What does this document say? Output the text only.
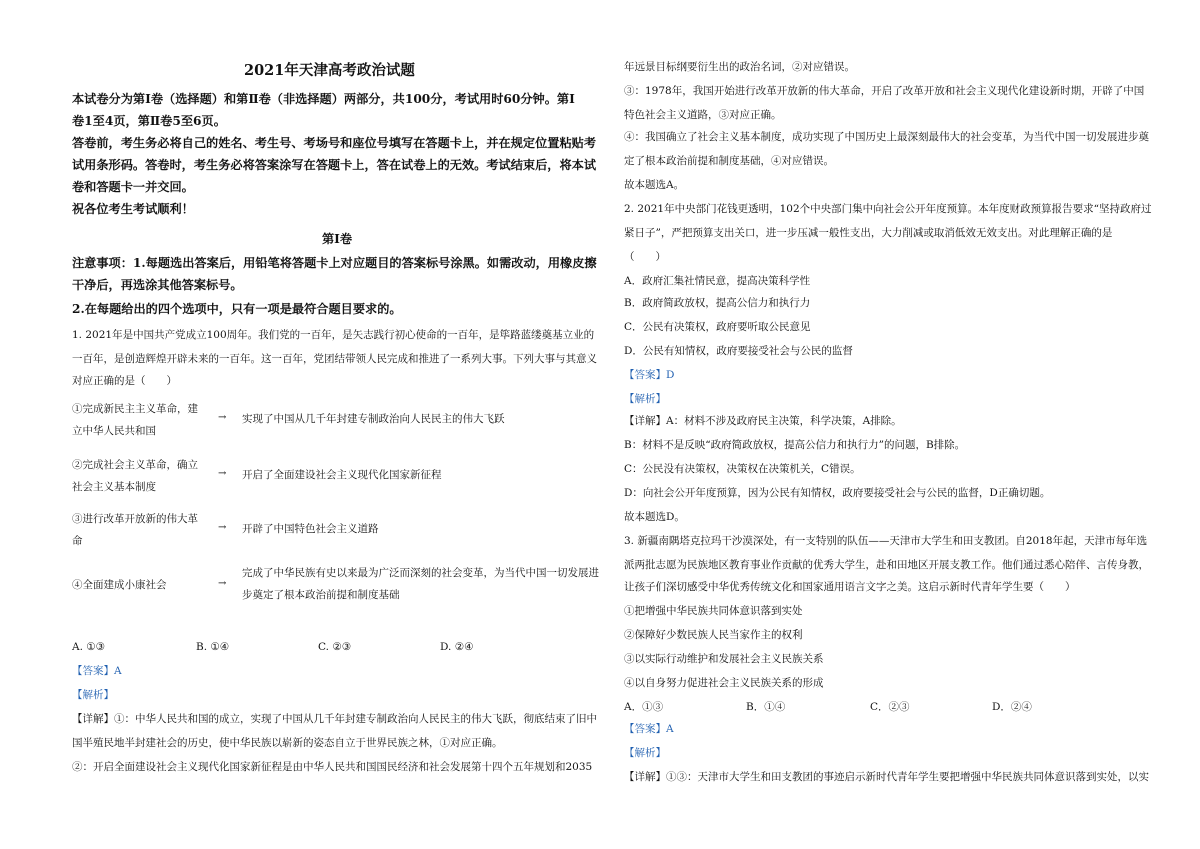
2021年天津高考政治试题
本试卷分为第Ⅰ卷（选择题）和第Ⅱ卷（非选择题）两部分，共100分，考试用时60分钟。第Ⅰ
卷1至4页，第Ⅱ卷5至6页。
答卷前，考生务必将自己的姓名、考生号、考场号和座位号填写在答题卡上，并在规定位置粘贴考
试用条形码。答卷时，考生务必将答案涂写在答题卡上，答在试卷上的无效。考试结束后，将本试
卷和答题卡一并交回。
祝各位考生考试顺利！
第Ⅰ卷
注意事项：1.每题选出答案后，用铅笔将答题卡上对应题目的答案标号涂黑。如需改动，用橡皮擦
干净后，再选涂其他答案标号。
2.在每题给出的四个选项中，只有一项是最符合题目要求的。
1. 2021年是中国共产党成立100周年。我们党的一百年，是矢志践行初心使命的一百年，是筚路蓝缕奠基立业的
一百年，是创造辉煌开辟未来的一百年。这一百年，党团结带领人民完成和推进了一系列大事。下列大事与其意义
对应正确的是（　　）
①完成新民主主义革命，建
立中华人民共和国
→ 实现了中国从几千年封建专制政治向人民民主的伟大飞跃
②完成社会主义革命，确立
社会主义基本制度
→ 开启了全面建设社会主义现代化国家新征程
③进行改革开放新的伟大革
命
→ 开辟了中国特色社会主义道路
④全面建成小康社会	→
完成了中华民族有史以来最为广泛而深刻的社会变革，为当代中国一切发展进
步奠定了根本政治前提和制度基础
A. ①③	B. ①④	C. ②③	D. ②④
【答案】A
【解析】
【详解】①：中华人民共和国的成立，实现了中国从几千年封建专制政治向人民民主的伟大飞跃，彻底结束了旧中
国半殖民地半封建社会的历史，使中华民族以崭新的姿态自立于世界民族之林，①对应正确。
②：开启全面建设社会主义现代化国家新征程是由中华人民共和国国民经济和社会发展第十四个五年规划和2035
年远景目标纲要衍生出的政治名词，②对应错误。
③：1978年，我国开始进行改革开放新的伟大革命，开启了改革开放和社会主义现代化建设新时期，开辟了中国
特色社会主义道路，③对应正确。
④：我国确立了社会主义基本制度，成功实现了中国历史上最深刻最伟大的社会变革，为当代中国一切发展进步奠
定了根本政治前提和制度基础，④对应错误。
故本题选A。
2. 2021年中央部门花钱更透明，102个中央部门集中向社会公开年度预算。本年度财政预算报告要求“坚持政府过
紧日子”，严把预算支出关口，进一步压减一般性支出，大力削减或取消低效无效支出。对此理解正确的是
（　　）
A．政府汇集社情民意，提高决策科学性
B．政府简政放权，提高公信力和执行力
C．公民有决策权，政府要听取公民意见
D．公民有知情权，政府要接受社会与公民的监督
【答案】D
【解析】
【详解】A：材料不涉及政府民主决策，科学决策，A排除。
B：材料不是反映“政府简政放权，提高公信力和执行力”的问题，B排除。
C：公民没有决策权，决策权在决策机关，C错误。
D：向社会公开年度预算，因为公民有知情权，政府要接受社会与公民的监督，D正确切题。
故本题选D。
3. 新疆南隅塔克拉玛干沙漠深处，有一支特别的队伍——天津市大学生和田支教团。自2018年起，天津市每年选
派两批志愿为民族地区教育事业作贡献的优秀大学生，赴和田地区开展支教工作。他们通过悉心陪伴、言传身教，
让孩子们深切感受中华优秀传统文化和国家通用语言文字之美。这启示新时代青年学生要（　　）
①把增强中华民族共同体意识落到实处
②保障好少数民族人民当家作主的权利
③以实际行动维护和发展社会主义民族关系
④以自身努力促进社会主义民族关系的形成
A．①③	B．①④	C．②③	D．②④
【答案】A
【解析】
【详解】①③：天津市大学生和田支教团的事迹启示新时代青年学生要把增强中华民族共同体意识落到实处，以实
